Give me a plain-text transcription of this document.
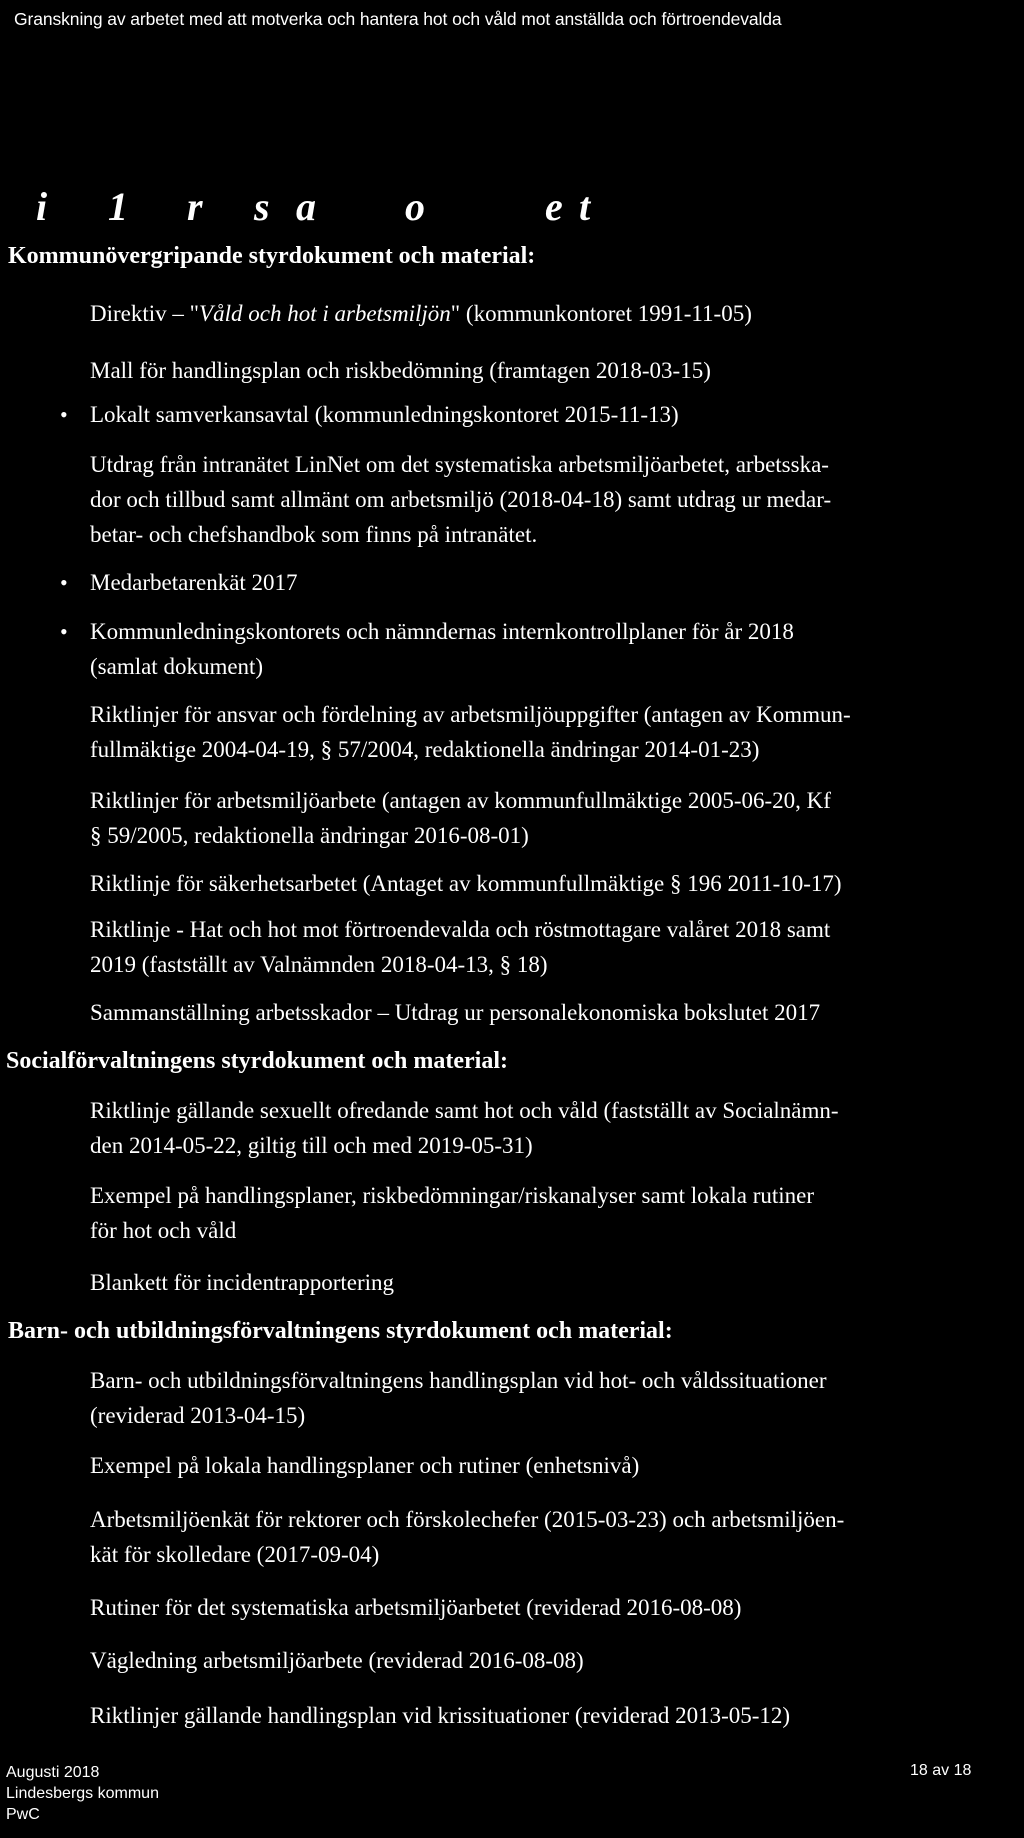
Granskning av arbetet med att motverka och hantera hot och våld mot anställda och förtroendevalda
i 1 r s a o	e t
Kommunövergripande styrdokument och material:
Direktiv – "Våld och hot i arbetsmiljön" (kommunkontoret 1991-11-05)
Mall för handlingsplan och riskbedömning (framtagen 2018-03-15)
• Lokalt samverkansavtal (kommunledningskontoret 2015-11-13)
Utdrag från intranätet LinNet om det systematiska arbetsmiljöarbetet, arbetsska-
dor och tillbud samt allmänt om arbetsmiljö (2018-04-18) samt utdrag ur medar-
betar- och chefshandbok som finns på intranätet.
• Medarbetarenkät 2017
• Kommunledningskontorets och nämndernas internkontrollplaner för år 2018
(samlat dokument)
Riktlinjer för ansvar och fördelning av arbetsmiljöuppgifter (antagen av Kommun-
fullmäktige 2004-04-19, § 57/2004, redaktionella ändringar 2014-01-23)
Riktlinjer för arbetsmiljöarbete (antagen av kommunfullmäktige 2005-06-20, Kf
§ 59/2005, redaktionella ändringar 2016-08-01)
Riktlinje för säkerhetsarbetet (Antaget av kommunfullmäktige § 196 2011-10-17)
Riktlinje - Hat och hot mot förtroendevalda och röstmottagare valåret 2018 samt
2019 (fastställt av Valnämnden 2018-04-13, § 18)
Sammanställning arbetsskador – Utdrag ur personalekonomiska bokslutet 2017
Socialförvaltningens styrdokument och material:
Riktlinje gällande sexuellt ofredande samt hot och våld (fastställt av Socialnämn-
den 2014-05-22, giltig till och med 2019-05-31)
Exempel på handlingsplaner, riskbedömningar/riskanalyser samt lokala rutiner
för hot och våld
Blankett för incidentrapportering
Barn- och utbildningsförvaltningens styrdokument och material:
Barn- och utbildningsförvaltningens handlingsplan vid hot- och våldssituationer
(reviderad 2013-04-15)
Exempel på lokala handlingsplaner och rutiner (enhetsnivå)
Arbetsmiljöenkät för rektorer och förskolechefer (2015-03-23) och arbetsmiljöen-
kät för skolledare (2017-09-04)
Rutiner för det systematiska arbetsmiljöarbetet (reviderad 2016-08-08)
Vägledning arbetsmiljöarbete (reviderad 2016-08-08)
Riktlinjer gällande handlingsplan vid krissituationer (reviderad 2013-05-12)
Augusti 2018
Lindesbergs kommun
PwC
18 av 18
